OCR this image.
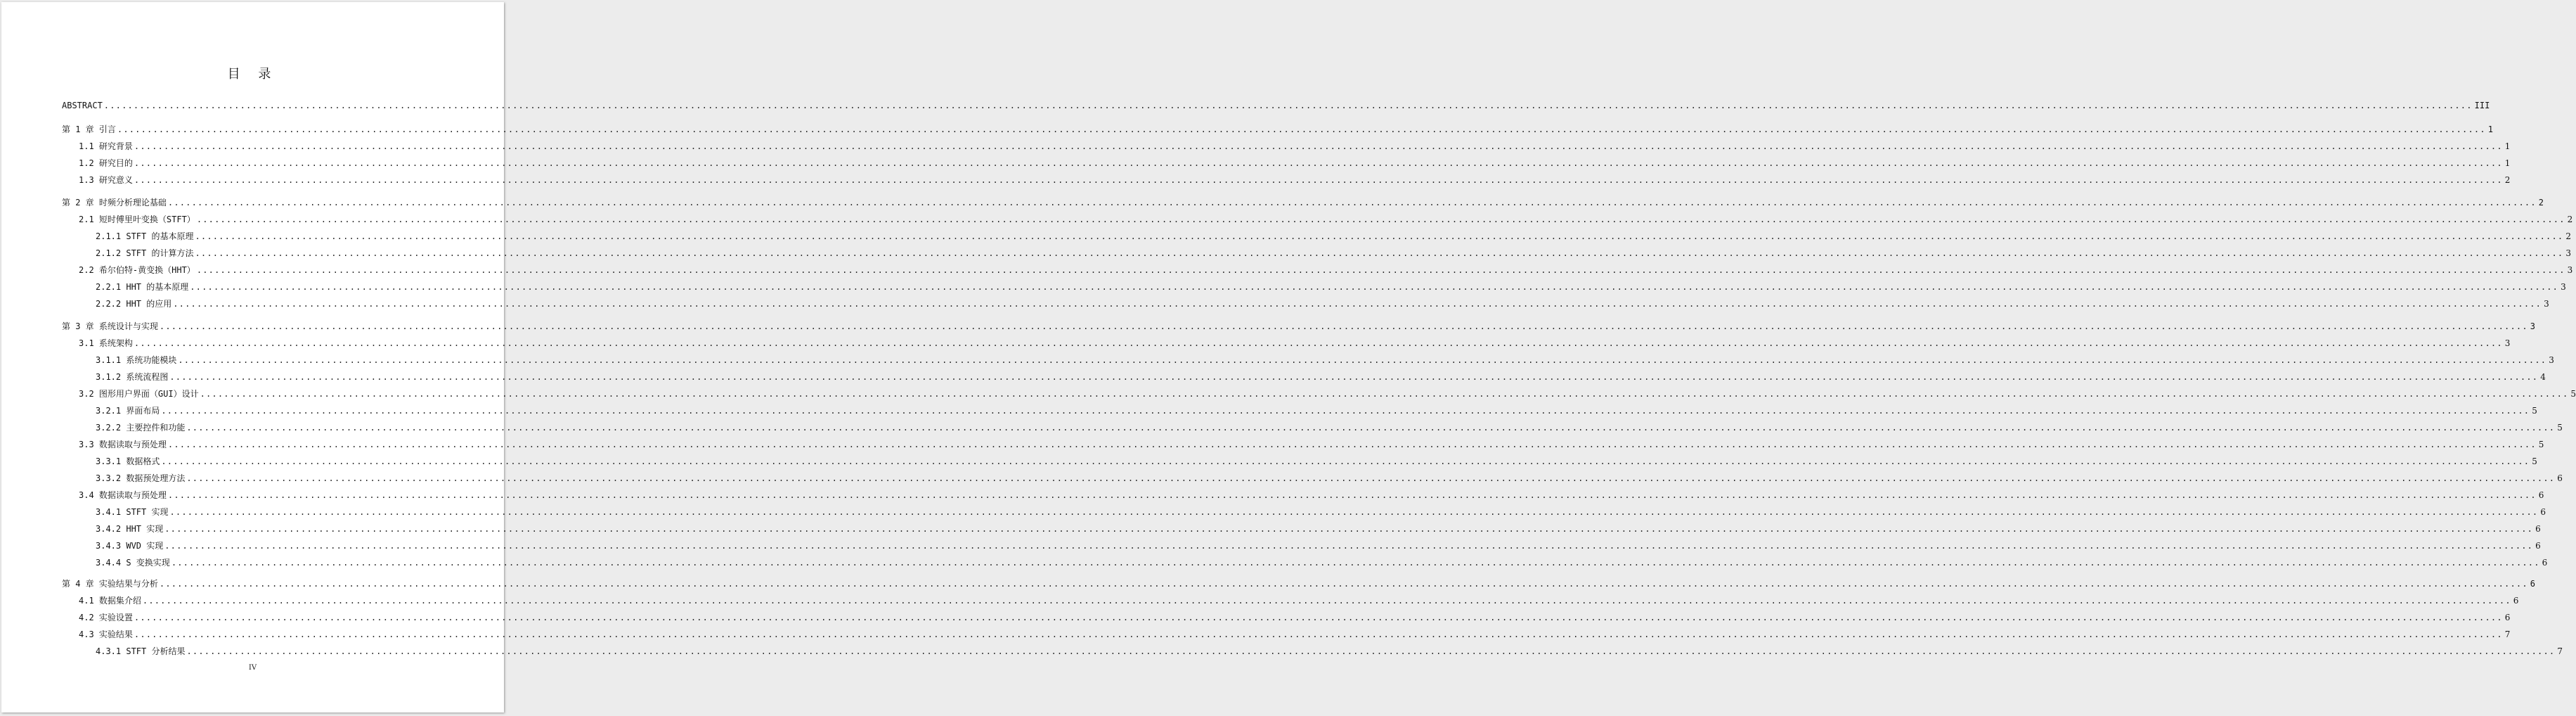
目 录
ABSTRACT ................................................................................................................................................................................................................................................................................................................................................................................................................ III
第 1 章 引言 ................................................................................................................................................................................................................................................................................................................................................................................................................ 1
1.1 研究背景 ................................................................................................................................................................................................................................................................................................................................................................................................................ 1
1.2 研究目的 ................................................................................................................................................................................................................................................................................................................................................................................................................ 1
1.3 研究意义 ................................................................................................................................................................................................................................................................................................................................................................................................................ 2
第 2 章 时频分析理论基础 ................................................................................................................................................................................................................................................................................................................................................................................................................ 2
2.1 短时傅里叶变换（STFT） ................................................................................................................................................................................................................................................................................................................................................................................................................ 2
2.1.1 STFT 的基本原理 ................................................................................................................................................................................................................................................................................................................................................................................................................ 2
2.1.2 STFT 的计算方法 ................................................................................................................................................................................................................................................................................................................................................................................................................ 3
2.2 希尔伯特-黄变换（HHT） ................................................................................................................................................................................................................................................................................................................................................................................................................ 3
2.2.1 HHT 的基本原理 ................................................................................................................................................................................................................................................................................................................................................................................................................ 3
2.2.2 HHT 的应用 ................................................................................................................................................................................................................................................................................................................................................................................................................ 3
第 3 章 系统设计与实现 ................................................................................................................................................................................................................................................................................................................................................................................................................ 3
3.1 系统架构 ................................................................................................................................................................................................................................................................................................................................................................................................................ 3
3.1.1 系统功能模块 ................................................................................................................................................................................................................................................................................................................................................................................................................ 3
3.1.2 系统流程图 ................................................................................................................................................................................................................................................................................................................................................................................................................ 4
3.2 图形用户界面（GUI）设计 ................................................................................................................................................................................................................................................................................................................................................................................................................ 5
3.2.1 界面布局 ................................................................................................................................................................................................................................................................................................................................................................................................................ 5
3.2.2 主要控件和功能 ................................................................................................................................................................................................................................................................................................................................................................................................................ 5
3.3 数据读取与预处理 ................................................................................................................................................................................................................................................................................................................................................................................................................ 5
3.3.1 数据格式 ................................................................................................................................................................................................................................................................................................................................................................................................................ 5
3.3.2 数据预处理方法 ................................................................................................................................................................................................................................................................................................................................................................................................................ 6
3.4 数据读取与预处理 ................................................................................................................................................................................................................................................................................................................................................................................................................ 6
3.4.1 STFT 实现 ................................................................................................................................................................................................................................................................................................................................................................................................................ 6
3.4.2 HHT 实现 ................................................................................................................................................................................................................................................................................................................................................................................................................ 6
3.4.3 WVD 实现 ................................................................................................................................................................................................................................................................................................................................................................................................................ 6
3.4.4 S 变换实现 ................................................................................................................................................................................................................................................................................................................................................................................................................ 6
第 4 章 实验结果与分析 ................................................................................................................................................................................................................................................................................................................................................................................................................ 6
4.1 数据集介绍 ................................................................................................................................................................................................................................................................................................................................................................................................................ 6
4.2 实验设置 ................................................................................................................................................................................................................................................................................................................................................................................................................ 6
4.3 实验结果 ................................................................................................................................................................................................................................................................................................................................................................................................................ 7
4.3.1 STFT 分析结果 ................................................................................................................................................................................................................................................................................................................................................................................................................ 7
IV
